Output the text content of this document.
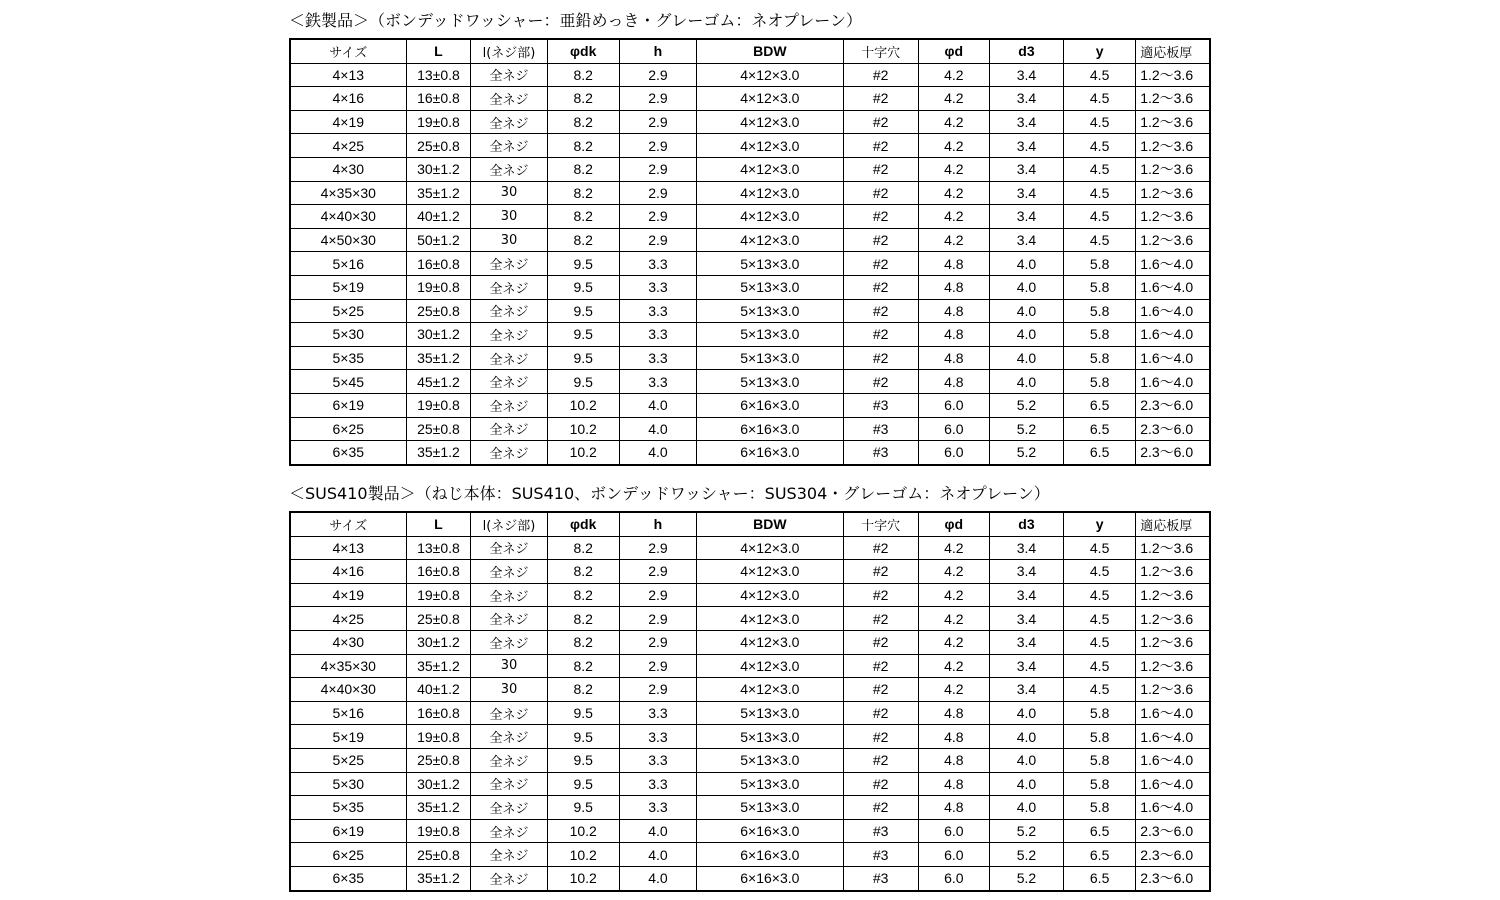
＜鉄製品＞（ボンデッドワッシャー：亜鉛めっき・グレーゴム：ネオプレーン）
サイズ	L	l(ネジ部)	φdk	h	BDW	十字穴	φd	d3	y	適応板厚
4×13	13±0.8	全ネジ	8.2	2.9	4×12×3.0	#2	4.2	3.4	4.5	1.2～3.6
4×16	16±0.8	全ネジ	8.2	2.9	4×12×3.0	#2	4.2	3.4	4.5	1.2～3.6
4×19	19±0.8	全ネジ	8.2	2.9	4×12×3.0	#2	4.2	3.4	4.5	1.2～3.6
4×25	25±0.8	全ネジ	8.2	2.9	4×12×3.0	#2	4.2	3.4	4.5	1.2～3.6
4×30	30±1.2	全ネジ	8.2	2.9	4×12×3.0	#2	4.2	3.4	4.5	1.2～3.6
4×35×30	35±1.2	30	8.2	2.9	4×12×3.0	#2	4.2	3.4	4.5	1.2～3.6
4×40×30	40±1.2	30	8.2	2.9	4×12×3.0	#2	4.2	3.4	4.5	1.2～3.6
4×50×30	50±1.2	30	8.2	2.9	4×12×3.0	#2	4.2	3.4	4.5	1.2～3.6
5×16	16±0.8	全ネジ	9.5	3.3	5×13×3.0	#2	4.8	4.0	5.8	1.6～4.0
5×19	19±0.8	全ネジ	9.5	3.3	5×13×3.0	#2	4.8	4.0	5.8	1.6～4.0
5×25	25±0.8	全ネジ	9.5	3.3	5×13×3.0	#2	4.8	4.0	5.8	1.6～4.0
5×30	30±1.2	全ネジ	9.5	3.3	5×13×3.0	#2	4.8	4.0	5.8	1.6～4.0
5×35	35±1.2	全ネジ	9.5	3.3	5×13×3.0	#2	4.8	4.0	5.8	1.6～4.0
5×45	45±1.2	全ネジ	9.5	3.3	5×13×3.0	#2	4.8	4.0	5.8	1.6～4.0
6×19	19±0.8	全ネジ	10.2	4.0	6×16×3.0	#3	6.0	5.2	6.5	2.3～6.0
6×25	25±0.8	全ネジ	10.2	4.0	6×16×3.0	#3	6.0	5.2	6.5	2.3～6.0
6×35	35±1.2	全ネジ	10.2	4.0	6×16×3.0	#3	6.0	5.2	6.5	2.3～6.0
＜SUS410製品＞（ねじ本体：SUS410、ボンデッドワッシャー：SUS304・グレーゴム：ネオプレーン）
サイズ	L	l(ネジ部)	φdk	h	BDW	十字穴	φd	d3	y	適応板厚
4×13	13±0.8	全ネジ	8.2	2.9	4×12×3.0	#2	4.2	3.4	4.5	1.2～3.6
4×16	16±0.8	全ネジ	8.2	2.9	4×12×3.0	#2	4.2	3.4	4.5	1.2～3.6
4×19	19±0.8	全ネジ	8.2	2.9	4×12×3.0	#2	4.2	3.4	4.5	1.2～3.6
4×25	25±0.8	全ネジ	8.2	2.9	4×12×3.0	#2	4.2	3.4	4.5	1.2～3.6
4×30	30±1.2	全ネジ	8.2	2.9	4×12×3.0	#2	4.2	3.4	4.5	1.2～3.6
4×35×30	35±1.2	30	8.2	2.9	4×12×3.0	#2	4.2	3.4	4.5	1.2～3.6
4×40×30	40±1.2	30	8.2	2.9	4×12×3.0	#2	4.2	3.4	4.5	1.2～3.6
5×16	16±0.8	全ネジ	9.5	3.3	5×13×3.0	#2	4.8	4.0	5.8	1.6～4.0
5×19	19±0.8	全ネジ	9.5	3.3	5×13×3.0	#2	4.8	4.0	5.8	1.6～4.0
5×25	25±0.8	全ネジ	9.5	3.3	5×13×3.0	#2	4.8	4.0	5.8	1.6～4.0
5×30	30±1.2	全ネジ	9.5	3.3	5×13×3.0	#2	4.8	4.0	5.8	1.6～4.0
5×35	35±1.2	全ネジ	9.5	3.3	5×13×3.0	#2	4.8	4.0	5.8	1.6～4.0
6×19	19±0.8	全ネジ	10.2	4.0	6×16×3.0	#3	6.0	5.2	6.5	2.3～6.0
6×25	25±0.8	全ネジ	10.2	4.0	6×16×3.0	#3	6.0	5.2	6.5	2.3～6.0
6×35	35±1.2	全ネジ	10.2	4.0	6×16×3.0	#3	6.0	5.2	6.5	2.3～6.0
